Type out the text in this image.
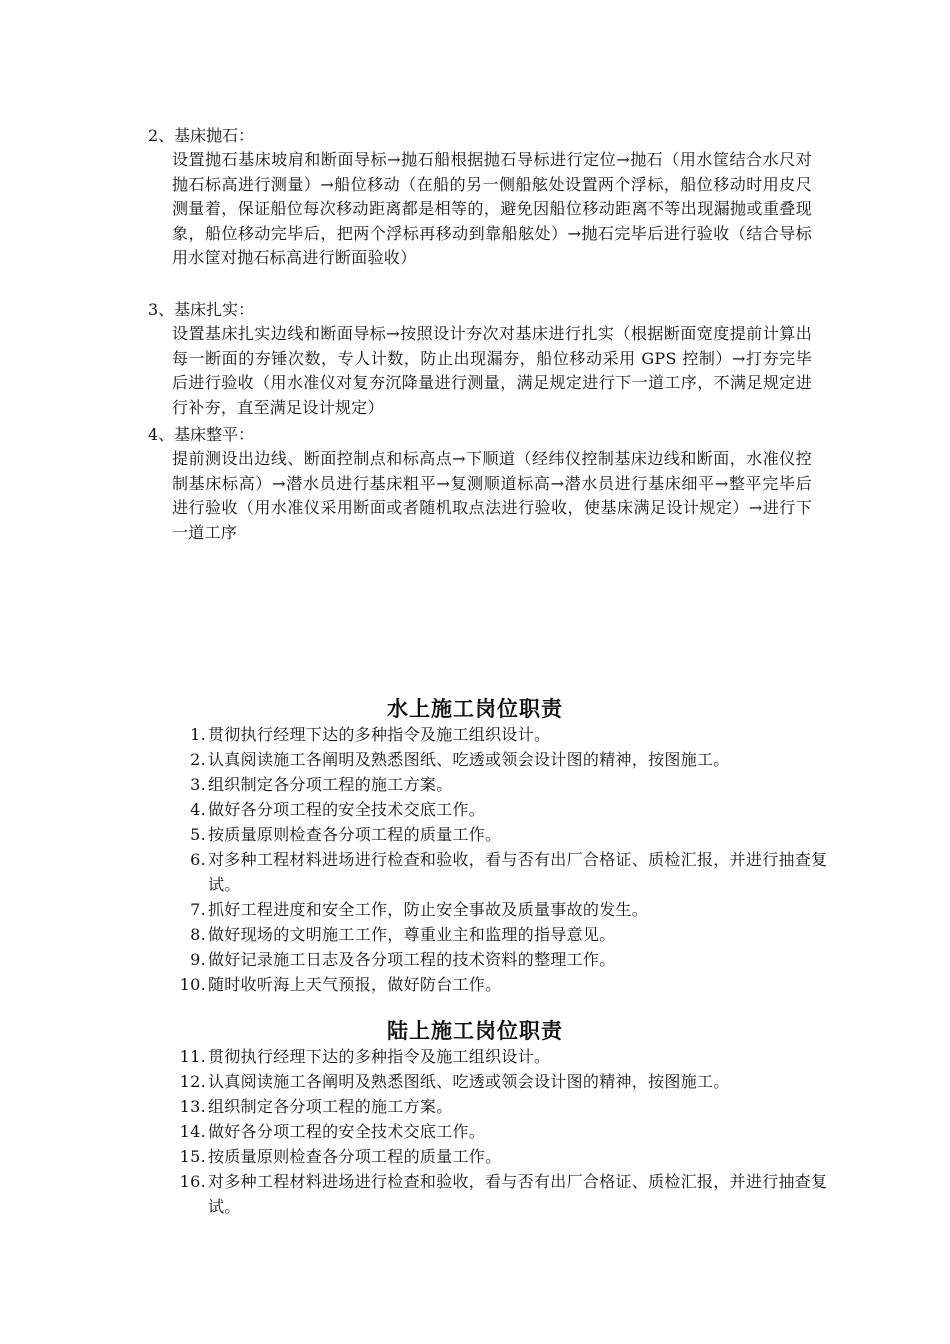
2、基床抛石：
设置抛石基床坡肩和断面导标→抛石船根据抛石导标进行定位→抛石（用水筐结合水尺对抛石标高进行测量）→船位移动（在船的另一侧船舷处设置两个浮标，船位移动时用皮尺测量着，保证船位每次移动距离都是相等的，避免因船位移动距离不等出现漏抛或重叠现象，船位移动完毕后，把两个浮标再移动到靠船舷处）→抛石完毕后进行验收（结合导标用水筐对抛石标高进行断面验收）
3、基床扎实：
设置基床扎实边线和断面导标→按照设计夯次对基床进行扎实（根据断面宽度提前计算出每一断面的夯锤次数，专人计数，防止出现漏夯，船位移动采用 GPS 控制）→打夯完毕后进行验收（用水准仪对复夯沉降量进行测量，满足规定进行下一道工序，不满足规定进行补夯，直至满足设计规定）
4、基床整平：
提前测设出边线、断面控制点和标高点→下顺道（经纬仪控制基床边线和断面，水准仪控制基床标高）→潜水员进行基床粗平→复测顺道标高→潜水员进行基床细平→整平完毕后进行验收（用水准仪采用断面或者随机取点法进行验收，使基床满足设计规定）→进行下一道工序
水上施工岗位职责
1. 贯彻执行经理下达的多种指令及施工组织设计。
2. 认真阅读施工各阐明及熟悉图纸、吃透或领会设计图的精神，按图施工。
3. 组织制定各分项工程的施工方案。
4. 做好各分项工程的安全技术交底工作。
5. 按质量原则检查各分项工程的质量工作。
6. 对多种工程材料进场进行检查和验收，看与否有出厂合格证、质检汇报，并进行抽查复试。
7. 抓好工程进度和安全工作，防止安全事故及质量事故的发生。
8. 做好现场的文明施工工作，尊重业主和监理的指导意见。
9. 做好记录施工日志及各分项工程的技术资料的整理工作。
10. 随时收听海上天气预报，做好防台工作。
陆上施工岗位职责
11. 贯彻执行经理下达的多种指令及施工组织设计。
12. 认真阅读施工各阐明及熟悉图纸、吃透或领会设计图的精神，按图施工。
13. 组织制定各分项工程的施工方案。
14. 做好各分项工程的安全技术交底工作。
15. 按质量原则检查各分项工程的质量工作。
16. 对多种工程材料进场进行检查和验收，看与否有出厂合格证、质检汇报，并进行抽查复试。
